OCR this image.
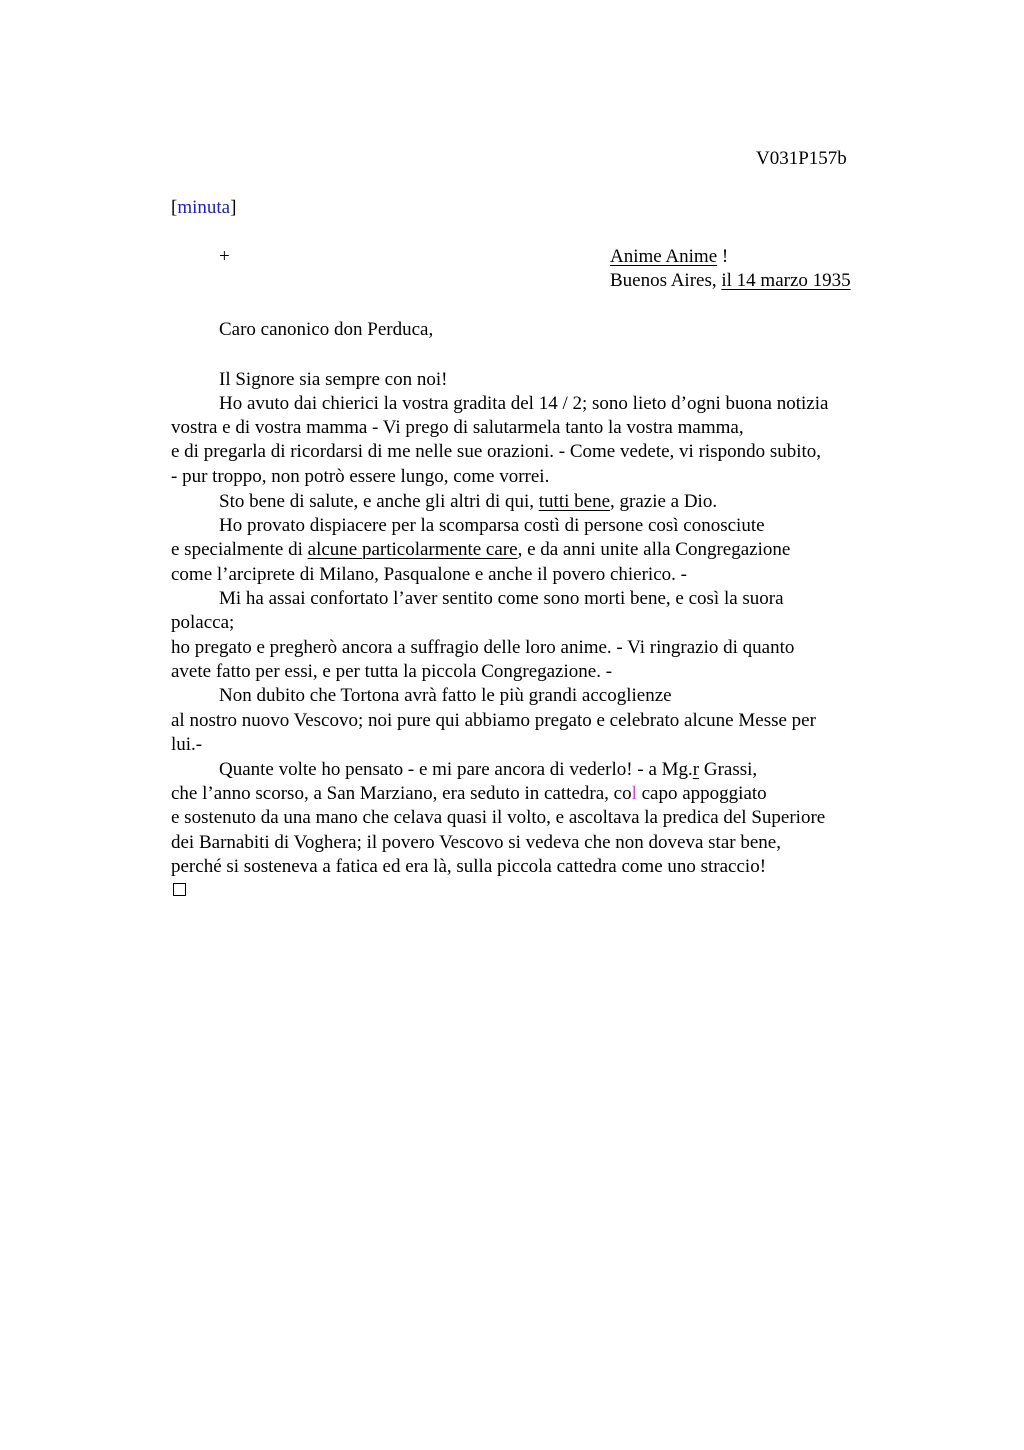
V031P157b
[minuta]
+	Anime Anime !
Buenos Aires, il 14 marzo 1935
Caro canonico don Perduca,
Il Signore sia sempre con noi!
Ho avuto dai chierici la vostra gradita del 14 / 2; sono lieto d’ogni buona notizia
vostra e di vostra mamma - Vi prego di salutarmela tanto la vostra mamma,
e di pregarla di ricordarsi di me nelle sue orazioni. - Come vedete, vi rispondo subito,
- pur troppo, non potrò essere lungo, come vorrei.
Sto bene di salute, e anche gli altri di qui, tutti bene, grazie a Dio.
Ho provato dispiacere per la scomparsa costì di persone così conosciute
e specialmente di alcune particolarmente care, e da anni unite alla Congregazione
come l’arciprete di Milano, Pasqualone e anche il povero chierico. -
Mi ha assai confortato l’aver sentito come sono morti bene, e così la suora
polacca;
ho pregato e pregherò ancora a suffragio delle loro anime. - Vi ringrazio di quanto
avete fatto per essi, e per tutta la piccola Congregazione. -
Non dubito che Tortona avrà fatto le più grandi accoglienze
al nostro nuovo Vescovo; noi pure qui abbiamo pregato e celebrato alcune Messe per
lui.-
Quante volte ho pensato - e mi pare ancora di vederlo! - a Mg.r Grassi,
che l’anno scorso, a San Marziano, era seduto in cattedra, col capo appoggiato
e sostenuto da una mano che celava quasi il volto, e ascoltava la predica del Superiore
dei Barnabiti di Voghera; il povero Vescovo si vedeva che non doveva star bene,
perché si sosteneva a fatica ed era là, sulla piccola cattedra come uno straccio!
